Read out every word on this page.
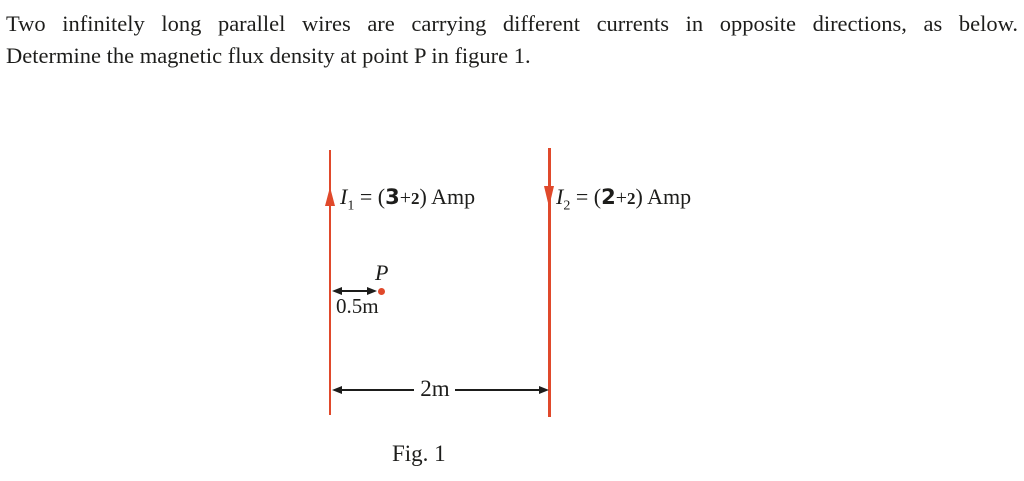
Two infinitely long parallel wires are carrying different currents in opposite directions, as below.
Determine the magnetic flux density at point P in figure 1.
$I_1 = (3+2)$ Amp	$I_2 = (2+2)$ Amp
P
0.5m
2m
Fig. 1
